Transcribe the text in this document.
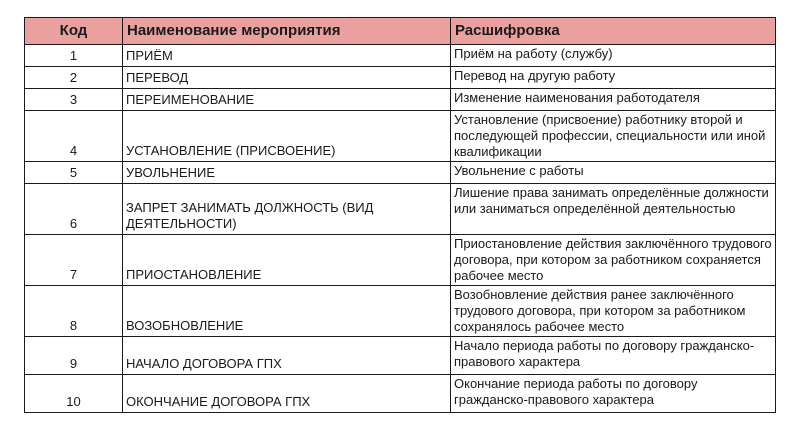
Код	Наименование мероприятия	Расшифровка
1	ПРИЁМ	Приём на работу (службу)
2	ПЕРЕВОД	Перевод на другую работу
3	ПЕРЕИМЕНОВАНИЕ	Изменение наименования работодателя
4	УСТАНОВЛЕНИЕ (ПРИСВОЕНИЕ)	Установление (присвоение) работнику второй и последующей профессии, специальности или иной квалификации
5	УВОЛЬНЕНИЕ	Увольнение с работы
6	ЗАПРЕТ ЗАНИМАТЬ ДОЛЖНОСТЬ (ВИД ДЕЯТЕЛЬНОСТИ)	Лишение права занимать определённые должности или заниматься определённой деятельностью
7	ПРИОСТАНОВЛЕНИЕ	Приостановление действия заключённого трудового договора, при котором за работником сохраняется рабочее место
8	ВОЗОБНОВЛЕНИЕ	Возобновление действия ранее заключённого трудового договора, при котором за работником сохранялось рабочее место
9	НАЧАЛО ДОГОВОРА ГПХ	Начало периода работы по договору гражданско-правового характера
10	ОКОНЧАНИЕ ДОГОВОРА ГПХ	Окончание периода работы по договору гражданско-правового характера
